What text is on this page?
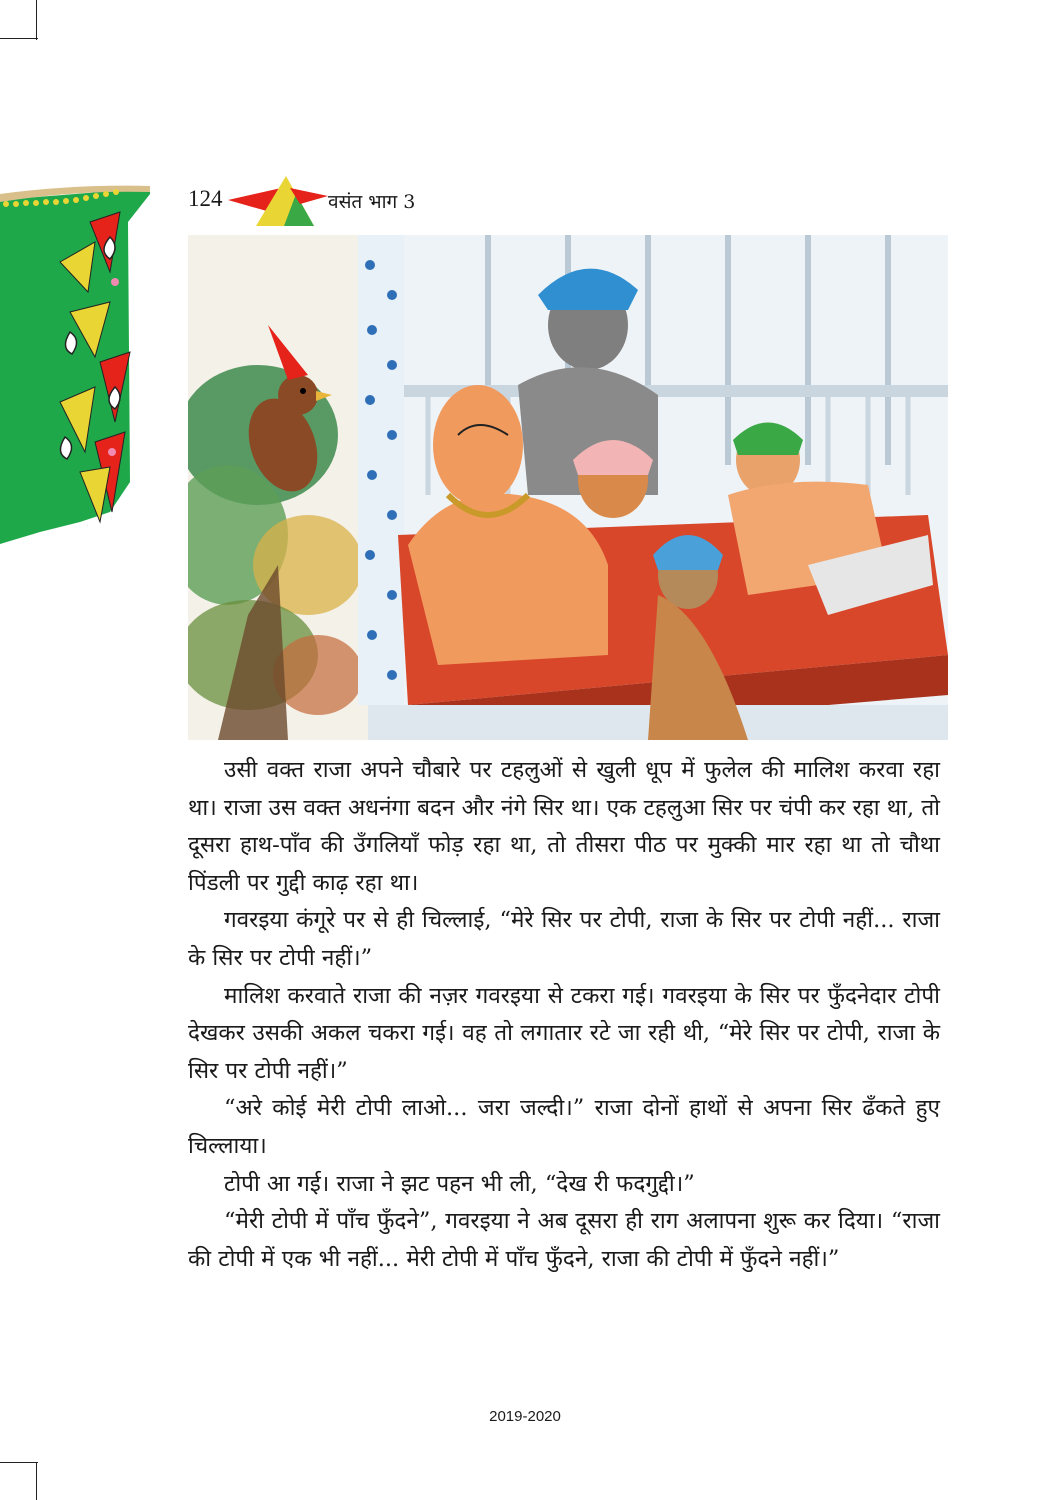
124	वसंत भाग 3

उसी वक्त राजा अपने चौबारे पर टहलुओं से खुली धूप में फुलेल की मालिश करवा रहा था। राजा उस वक्त अधनंगा बदन और नंगे सिर था। एक टहलुआ सिर पर चंपी कर रहा था, तो दूसरा हाथ-पाँव की उँगलियाँ फोड़ रहा था, तो तीसरा पीठ पर मुक्की मार रहा था तो चौथा पिंडली पर गुद्दी काढ़ रहा था।

गवरइया कंगूरे पर से ही चिल्लाई, “मेरे सिर पर टोपी, राजा के सिर पर टोपी नहीं... राजा के सिर पर टोपी नहीं।”

मालिश करवाते राजा की नज़र गवरइया से टकरा गई। गवरइया के सिर पर फुँदनेदार टोपी देखकर उसकी अकल चकरा गई। वह तो लगातार रटे जा रही थी, “मेरे सिर पर टोपी, राजा के सिर पर टोपी नहीं।”

“अरे कोई मेरी टोपी लाओ... जरा जल्दी।” राजा दोनों हाथों से अपना सिर ढँकते हुए चिल्लाया।

टोपी आ गई। राजा ने झट पहन भी ली, “देख री फदगुद्दी।”

“मेरी टोपी में पाँच फुँदने”, गवरइया ने अब दूसरा ही राग अलापना शुरू कर दिया। “राजा की टोपी में एक भी नहीं... मेरी टोपी में पाँच फुँदने, राजा की टोपी में फुँदने नहीं।”

2019-2020
